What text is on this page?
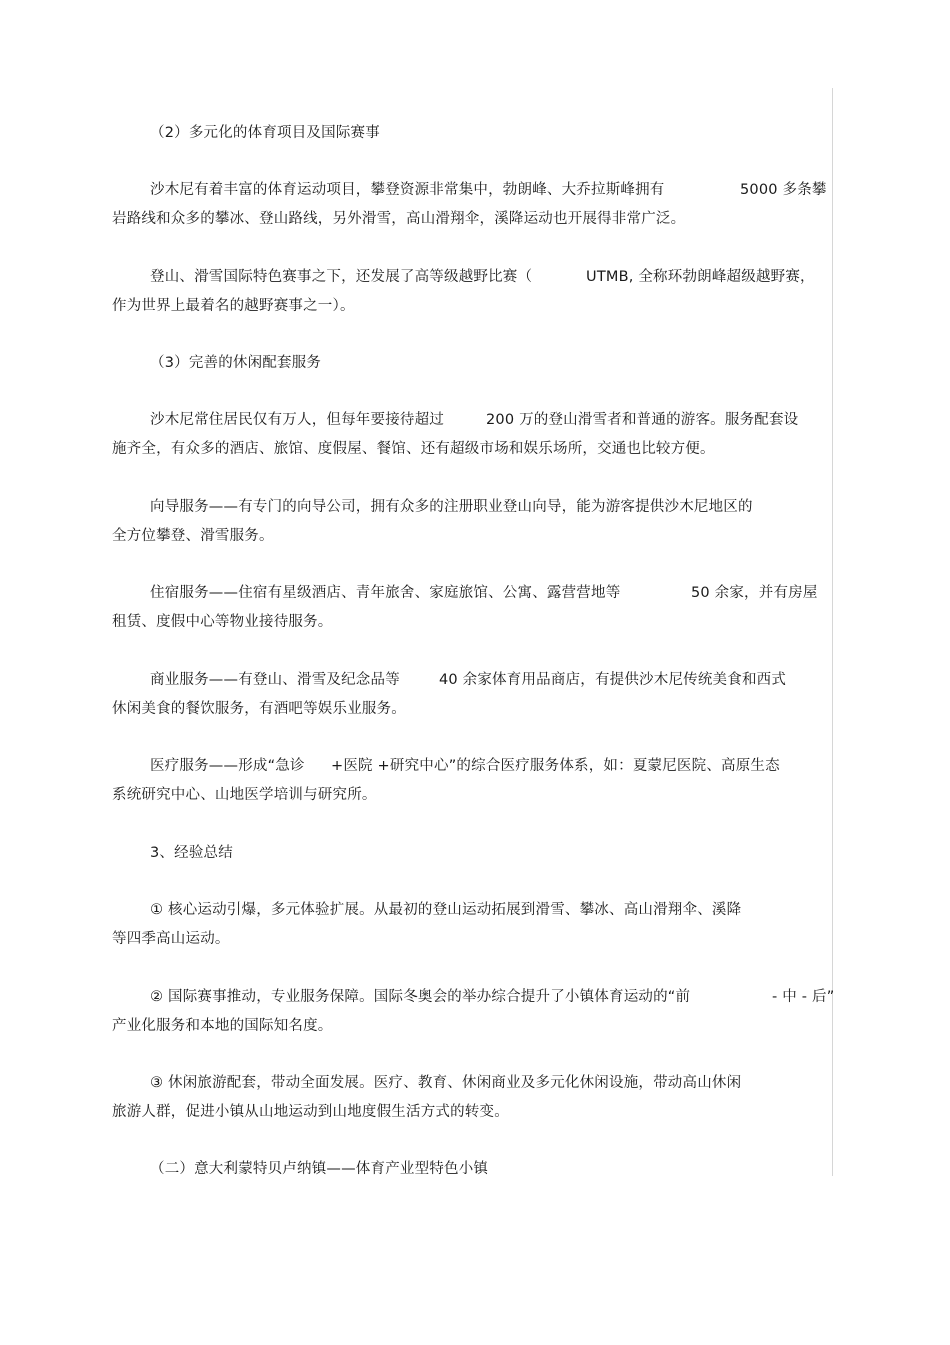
（2）多元化的体育项目及国际赛事
沙木尼有着丰富的体育运动项目，攀登资源非常集中，勃朗峰、大乔拉斯峰拥有	5000 多条攀
岩路线和众多的攀冰、登山路线，另外滑雪，高山滑翔伞，溪降运动也开展得非常广泛。
登山、滑雪国际特色赛事之下，还发展了高等级越野比赛（	UTMB, 全称环勃朗峰超级越野赛，
作为世界上最着名的越野赛事之一）。
（3）完善的休闲配套服务
沙木尼常住居民仅有万人，但每年要接待超过	200 万的登山滑雪者和普通的游客。服务配套设
施齐全，有众多的酒店、旅馆、度假屋、餐馆、还有超级市场和娱乐场所，交通也比较方便。
向导服务——有专门的向导公司，拥有众多的注册职业登山向导，能为游客提供沙木尼地区的
全方位攀登、滑雪服务。
住宿服务——住宿有星级酒店、青年旅舍、家庭旅馆、公寓、露营营地等	50 余家，并有房屋
租赁、度假中心等物业接待服务。
商业服务——有登山、滑雪及纪念品等	40 余家体育用品商店，有提供沙木尼传统美食和西式
休闲美食的餐饮服务，有酒吧等娱乐业服务。
医疗服务——形成“急诊 +医院 +研究中心”的综合医疗服务体系，如：夏蒙尼医院、高原生态
系统研究中心、山地医学培训与研究所。
3、经验总结
① 核心运动引爆，多元体验扩展。从最初的登山运动拓展到滑雪、攀冰、高山滑翔伞、溪降
等四季高山运动。
② 国际赛事推动，专业服务保障。国际冬奥会的举办综合提升了小镇体育运动的“前	- 中 - 后”
产业化服务和本地的国际知名度。
③ 休闲旅游配套，带动全面发展。医疗、教育、休闲商业及多元化休闲设施，带动高山休闲
旅游人群，促进小镇从山地运动到山地度假生活方式的转变。
（二）意大利蒙特贝卢纳镇——体育产业型特色小镇
